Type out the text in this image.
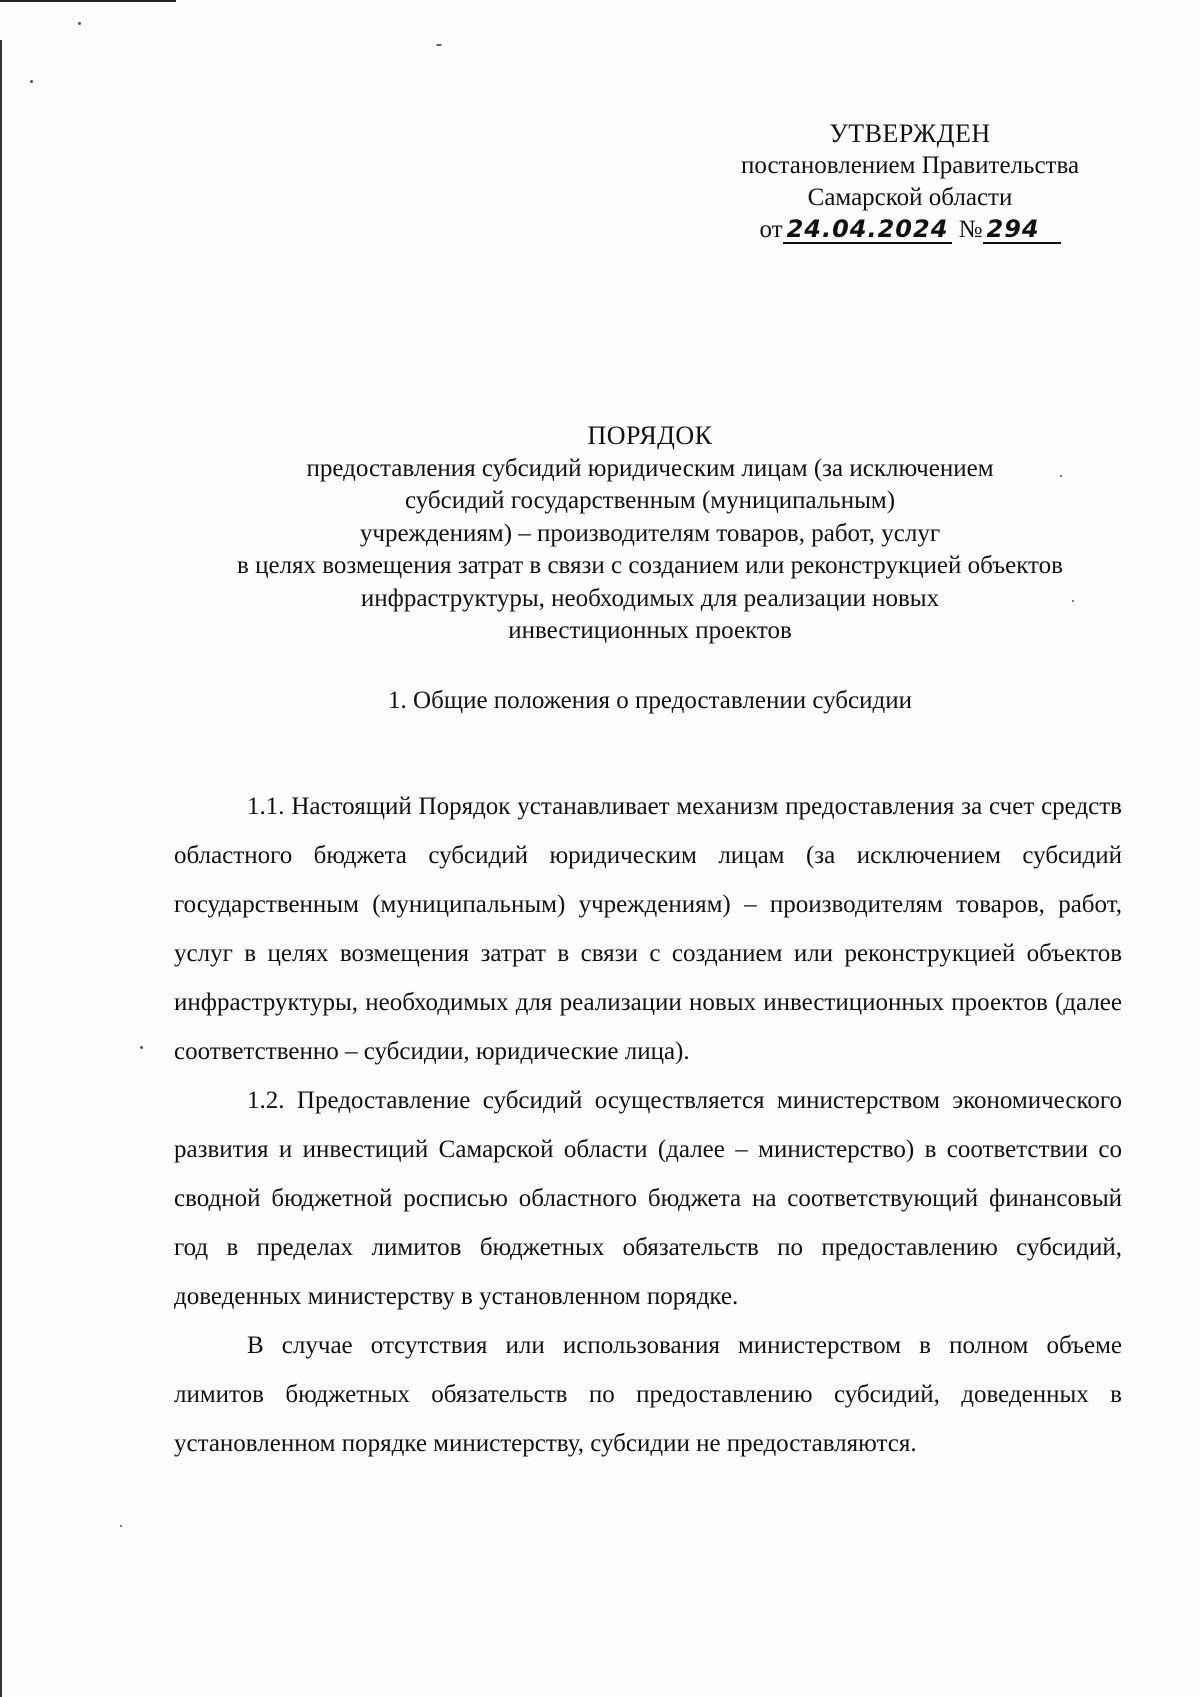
УТВЕРЖДЕН
постановлением Правительства
Самарской области
от 24.04.2024 № 294
ПОРЯДОК
предоставления субсидий юридическим лицам (за исключением
субсидий государственным (муниципальным)
учреждениям) – производителям товаров, работ, услуг
в целях возмещения затрат в связи с созданием или реконструкцией объектов
инфраструктуры, необходимых для реализации новых
инвестиционных проектов
1. Общие положения о предоставлении субсидии

1.1. Настоящий Порядок устанавливает механизм предоставления за счет средств областного бюджета субсидий юридическим лицам (за исключением субсидий государственным (муниципальным) учреждениям) – производителям товаров, работ, услуг в целях возмещения затрат в связи с созданием или реконструкцией объектов инфраструктуры, необходимых для реализации новых инвестиционных проектов (далее соответственно – субсидии, юридические лица).

1.2. Предоставление субсидий осуществляется министерством экономического развития и инвестиций Самарской области (далее – министерство) в соответствии со сводной бюджетной росписью областного бюджета на соответствующий финансовый год в пределах лимитов бюджетных обязательств по предоставлению субсидий, доведенных министерству в установленном порядке.

В случае отсутствия или использования министерством в полном объеме лимитов бюджетных обязательств по предоставлению субсидий, доведенных в установленном порядке министерству, субсидии не предоставляются.
